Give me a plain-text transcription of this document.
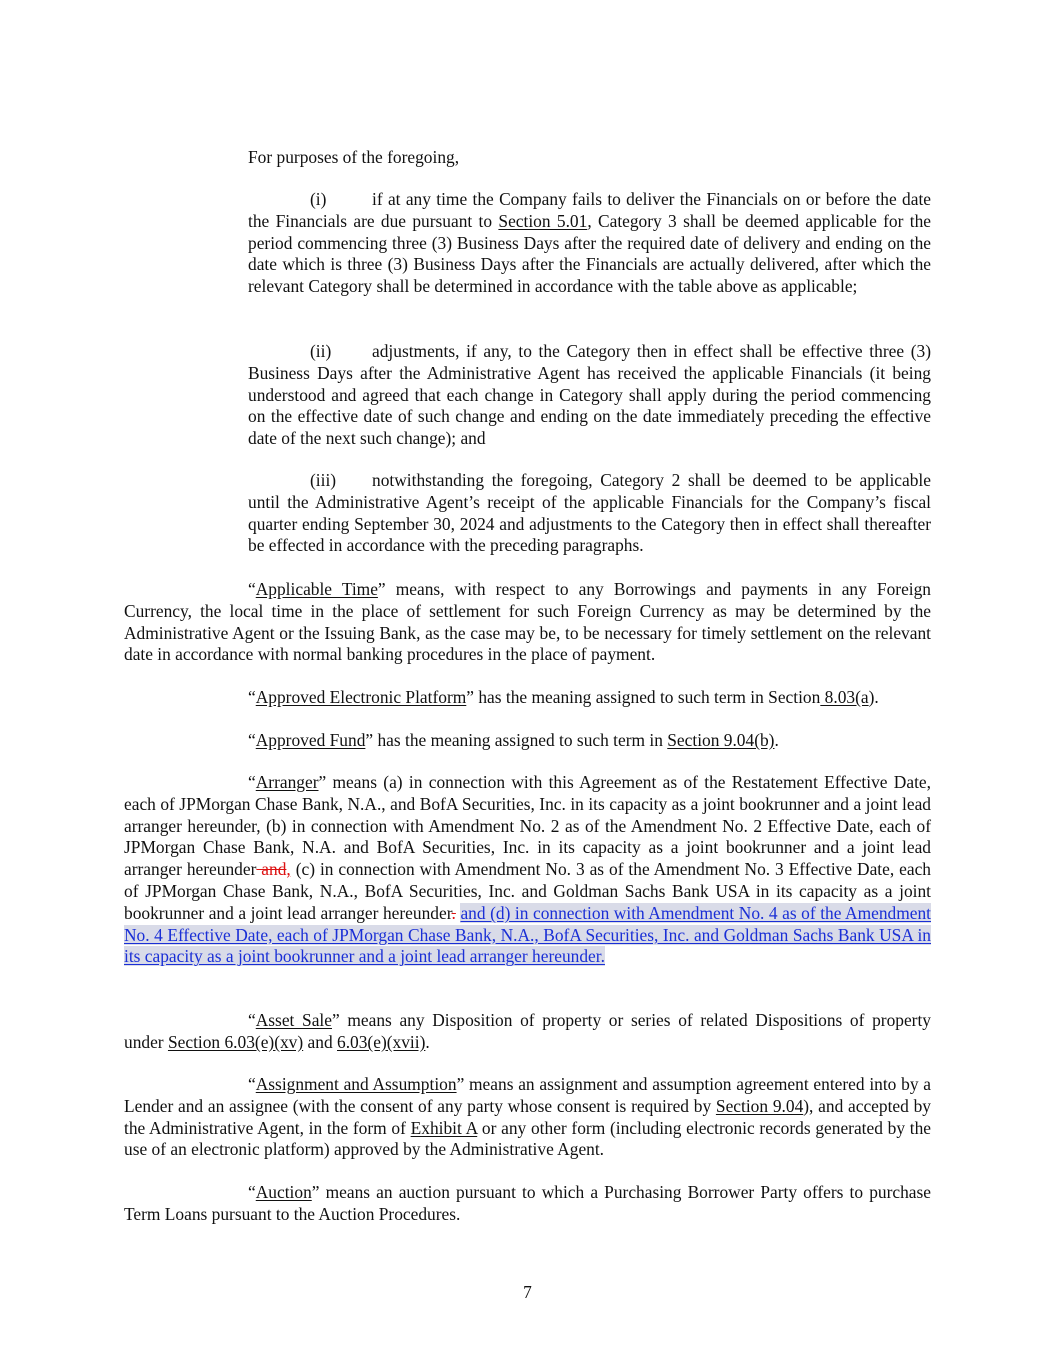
For purposes of the foregoing,

(i)	if at any time the Company fails to deliver the Financials on or before the date the Financials are due pursuant to Section 5.01, Category 3 shall be deemed applicable for the period commencing three (3) Business Days after the required date of delivery and ending on the date which is three (3) Business Days after the Financials are actually delivered, after which the relevant Category shall be determined in accordance with the table above as applicable;

(ii) adjustments, if any, to the Category then in effect shall be effective three (3) Business Days after the Administrative Agent has received the applicable Financials (it being understood and agreed that each change in Category shall apply during the period commencing on the effective date of such change and ending on the date immediately preceding the effective date of the next such change); and

(iii) notwithstanding the foregoing, Category 2 shall be deemed to be applicable until the Administrative Agent’s receipt of the applicable Financials for the Company’s fiscal quarter ending September 30, 2024 and adjustments to the Category then in effect shall thereafter be effected in accordance with the preceding paragraphs.

“Applicable Time” means, with respect to any Borrowings and payments in any Foreign Currency, the local time in the place of settlement for such Foreign Currency as may be determined by the Administrative Agent or the Issuing Bank, as the case may be, to be necessary for timely settlement on the relevant date in accordance with normal banking procedures in the place of payment.

“Approved Electronic Platform” has the meaning assigned to such term in Section 8.03(a).

“Approved Fund” has the meaning assigned to such term in Section 9.04(b).

“Arranger” means (a) in connection with this Agreement as of the Restatement Effective Date, each of JPMorgan Chase Bank, N.A., and BofA Securities, Inc. in its capacity as a joint bookrunner and a joint lead arranger hereunder, (b) in connection with Amendment No. 2 as of the Amendment No. 2 Effective Date, each of JPMorgan Chase Bank, N.A. and BofA Securities, Inc. in its capacity as a joint bookrunner and a joint lead arranger hereunder and, (c) in connection with Amendment No. 3 as of the Amendment No. 3 Effective Date, each of JPMorgan Chase Bank, N.A., BofA Securities, Inc. and Goldman Sachs Bank USA in its capacity as a joint bookrunner and a joint lead arranger hereunder. and (d) in connection with Amendment No. 4 as of the Amendment No. 4 Effective Date, each of JPMorgan Chase Bank, N.A., BofA Securities, Inc. and Goldman Sachs Bank USA in its capacity as a joint bookrunner and a joint lead arranger hereunder.

“Asset Sale” means any Disposition of property or series of related Dispositions of property under Section 6.03(e)(xv) and 6.03(e)(xvii).

“Assignment and Assumption” means an assignment and assumption agreement entered into by a Lender and an assignee (with the consent of any party whose consent is required by Section 9.04), and accepted by the Administrative Agent, in the form of Exhibit A or any other form (including electronic records generated by the use of an electronic platform) approved by the Administrative Agent.

“Auction” means an auction pursuant to which a Purchasing Borrower Party offers to purchase Term Loans pursuant to the Auction Procedures.

7
